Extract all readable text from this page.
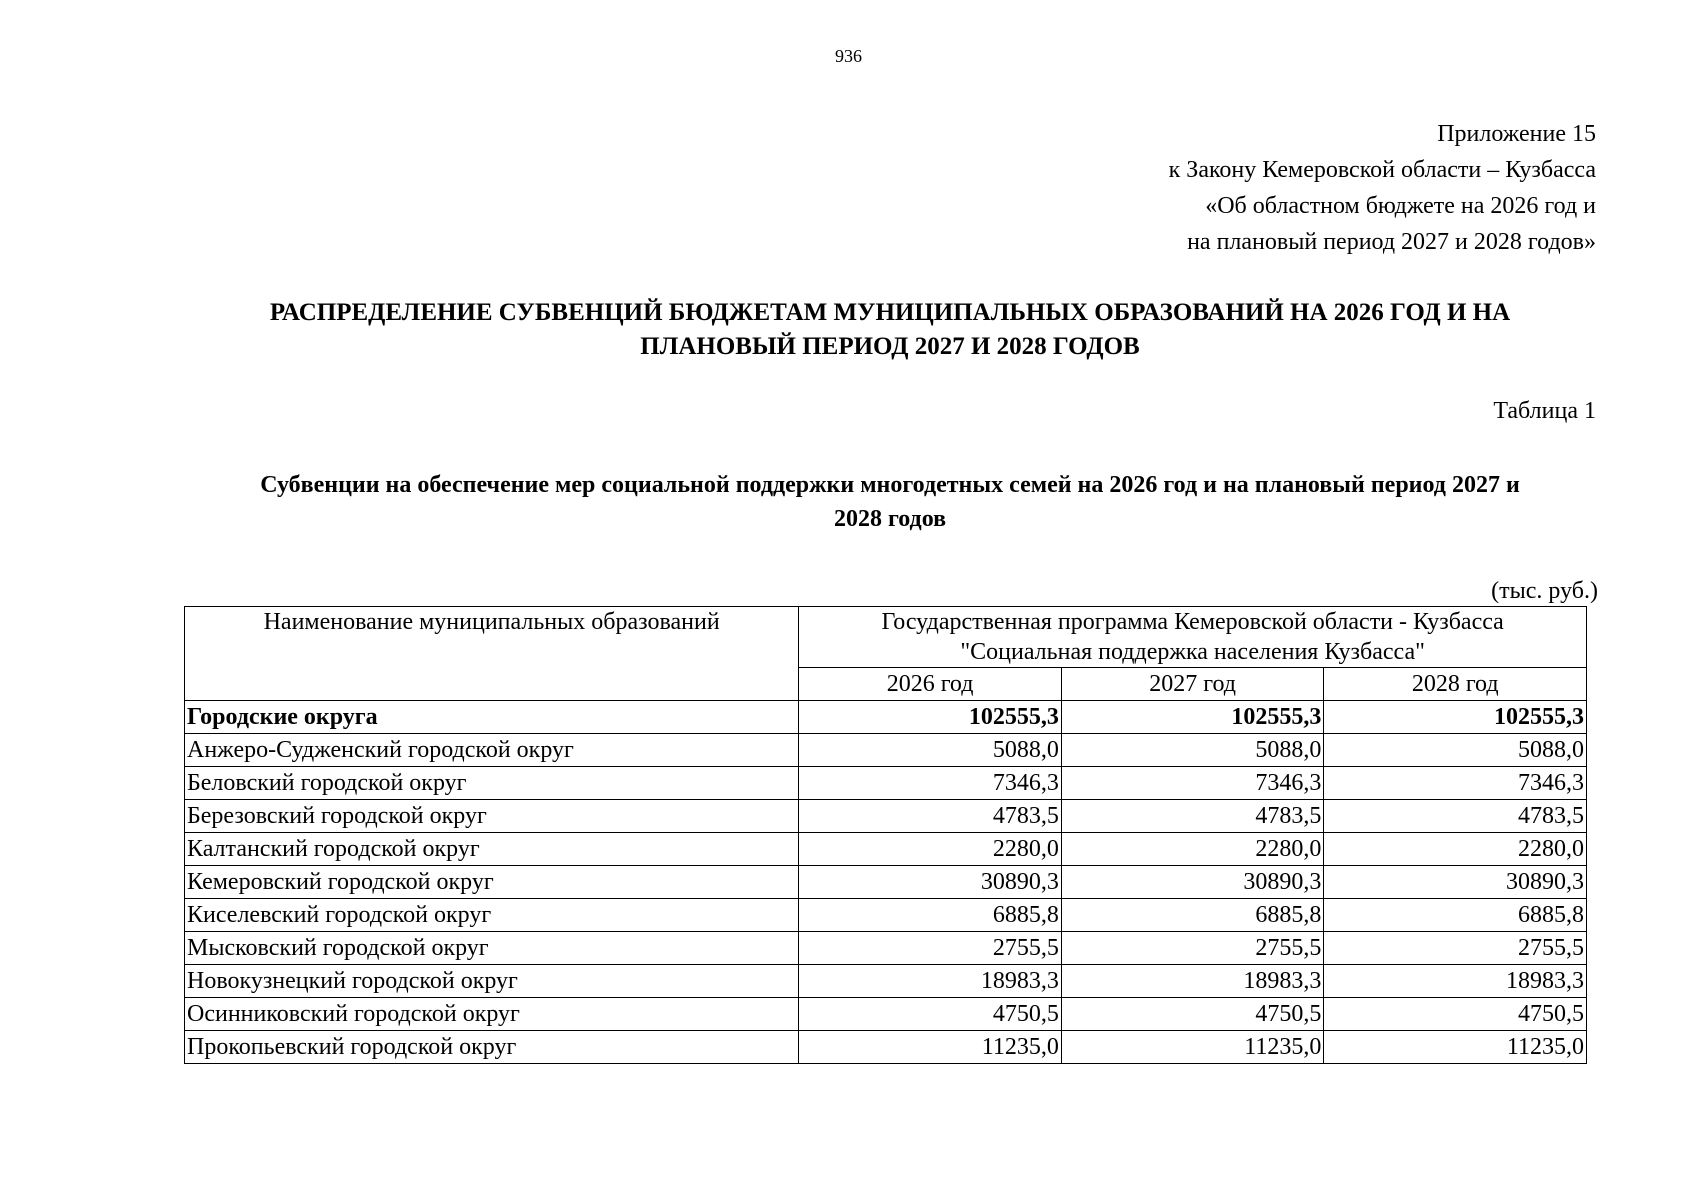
936
Приложение 15
к Закону Кемеровской области – Кузбасса
«Об областном бюджете на 2026 год и
на плановый период 2027 и 2028 годов»
РАСПРЕДЕЛЕНИЕ СУБВЕНЦИЙ БЮДЖЕТАМ МУНИЦИПАЛЬНЫХ ОБРАЗОВАНИЙ НА 2026 ГОД И НА
ПЛАНОВЫЙ ПЕРИОД 2027 И 2028 ГОДОВ
Таблица 1
Субвенции на обеспечение мер социальной поддержки многодетных семей на 2026 год и на плановый период 2027 и
2028 годов
(тыс. руб.)
Наименование муниципальных образований	Государственная программа Кемеровской области - Кузбасса
"Социальная поддержка населения Кузбасса"		

	2026 год	2027 год	2028 год
Городские округа	102555,3	102555,3	102555,3
Анжеро-Судженский городской округ	5088,0	5088,0	5088,0
Беловский городской округ	7346,3	7346,3	7346,3
Березовский городской округ	4783,5	4783,5	4783,5
Калтанский городской округ	2280,0	2280,0	2280,0
Кемеровский городской округ	30890,3	30890,3	30890,3
Киселевский городской округ	6885,8	6885,8	6885,8
Мысковский городской округ	2755,5	2755,5	2755,5
Новокузнецкий городской округ	18983,3	18983,3	18983,3
Осинниковский городской округ	4750,5	4750,5	4750,5
Прокопьевский городской округ	11235,0	11235,0	11235,0
